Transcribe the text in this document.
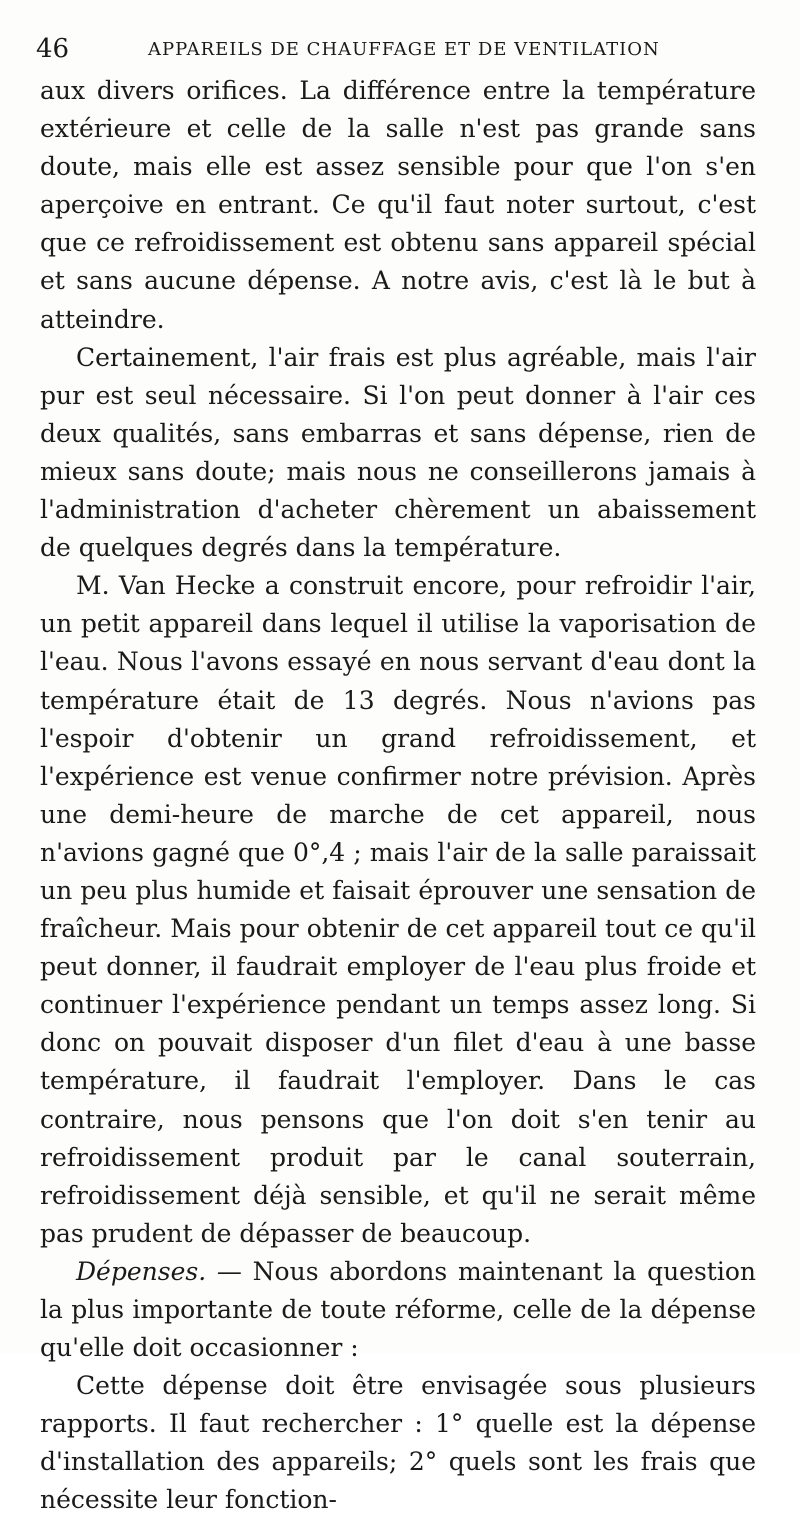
46	APPAREILS DE CHAUFFAGE ET DE VENTILATION

aux divers orifices. La différence entre la température extérieure et celle de la salle n'est pas grande sans doute, mais elle est assez sensible pour que l'on s'en aperçoive en entrant. Ce qu'il faut noter surtout, c'est que ce refroidissement est obtenu sans appareil spécial et sans aucune dépense. A notre avis, c'est là le but à atteindre.

Certainement, l'air frais est plus agréable, mais l'air pur est seul nécessaire. Si l'on peut donner à l'air ces deux qualités, sans embarras et sans dépense, rien de mieux sans doute; mais nous ne conseillerons jamais à l'administration d'acheter chèrement un abaissement de quelques degrés dans la température.

M. Van Hecke a construit encore, pour refroidir l'air, un petit appareil dans lequel il utilise la vaporisation de l'eau. Nous l'avons essayé en nous servant d'eau dont la température était de 13 degrés. Nous n'avions pas l'espoir d'obtenir un grand refroidissement, et l'expérience est venue confirmer notre prévision. Après une demi-heure de marche de cet appareil, nous n'avions gagné que 0°,4 ; mais l'air de la salle paraissait un peu plus humide et faisait éprouver une sensation de fraîcheur. Mais pour obtenir de cet appareil tout ce qu'il peut donner, il faudrait employer de l'eau plus froide et continuer l'expérience pendant un temps assez long. Si donc on pouvait disposer d'un filet d'eau à une basse température, il faudrait l'employer. Dans le cas contraire, nous pensons que l'on doit s'en tenir au refroidissement produit par le canal souterrain, refroidissement déjà sensible, et qu'il ne serait même pas prudent de dépasser de beaucoup.

Dépenses. — Nous abordons maintenant la question la plus importante de toute réforme, celle de la dépense qu'elle doit occasionner :

Cette dépense doit être envisagée sous plusieurs rapports. Il faut rechercher : 1° quelle est la dépense d'installation des appareils; 2° quels sont les frais que nécessite leur fonction-
